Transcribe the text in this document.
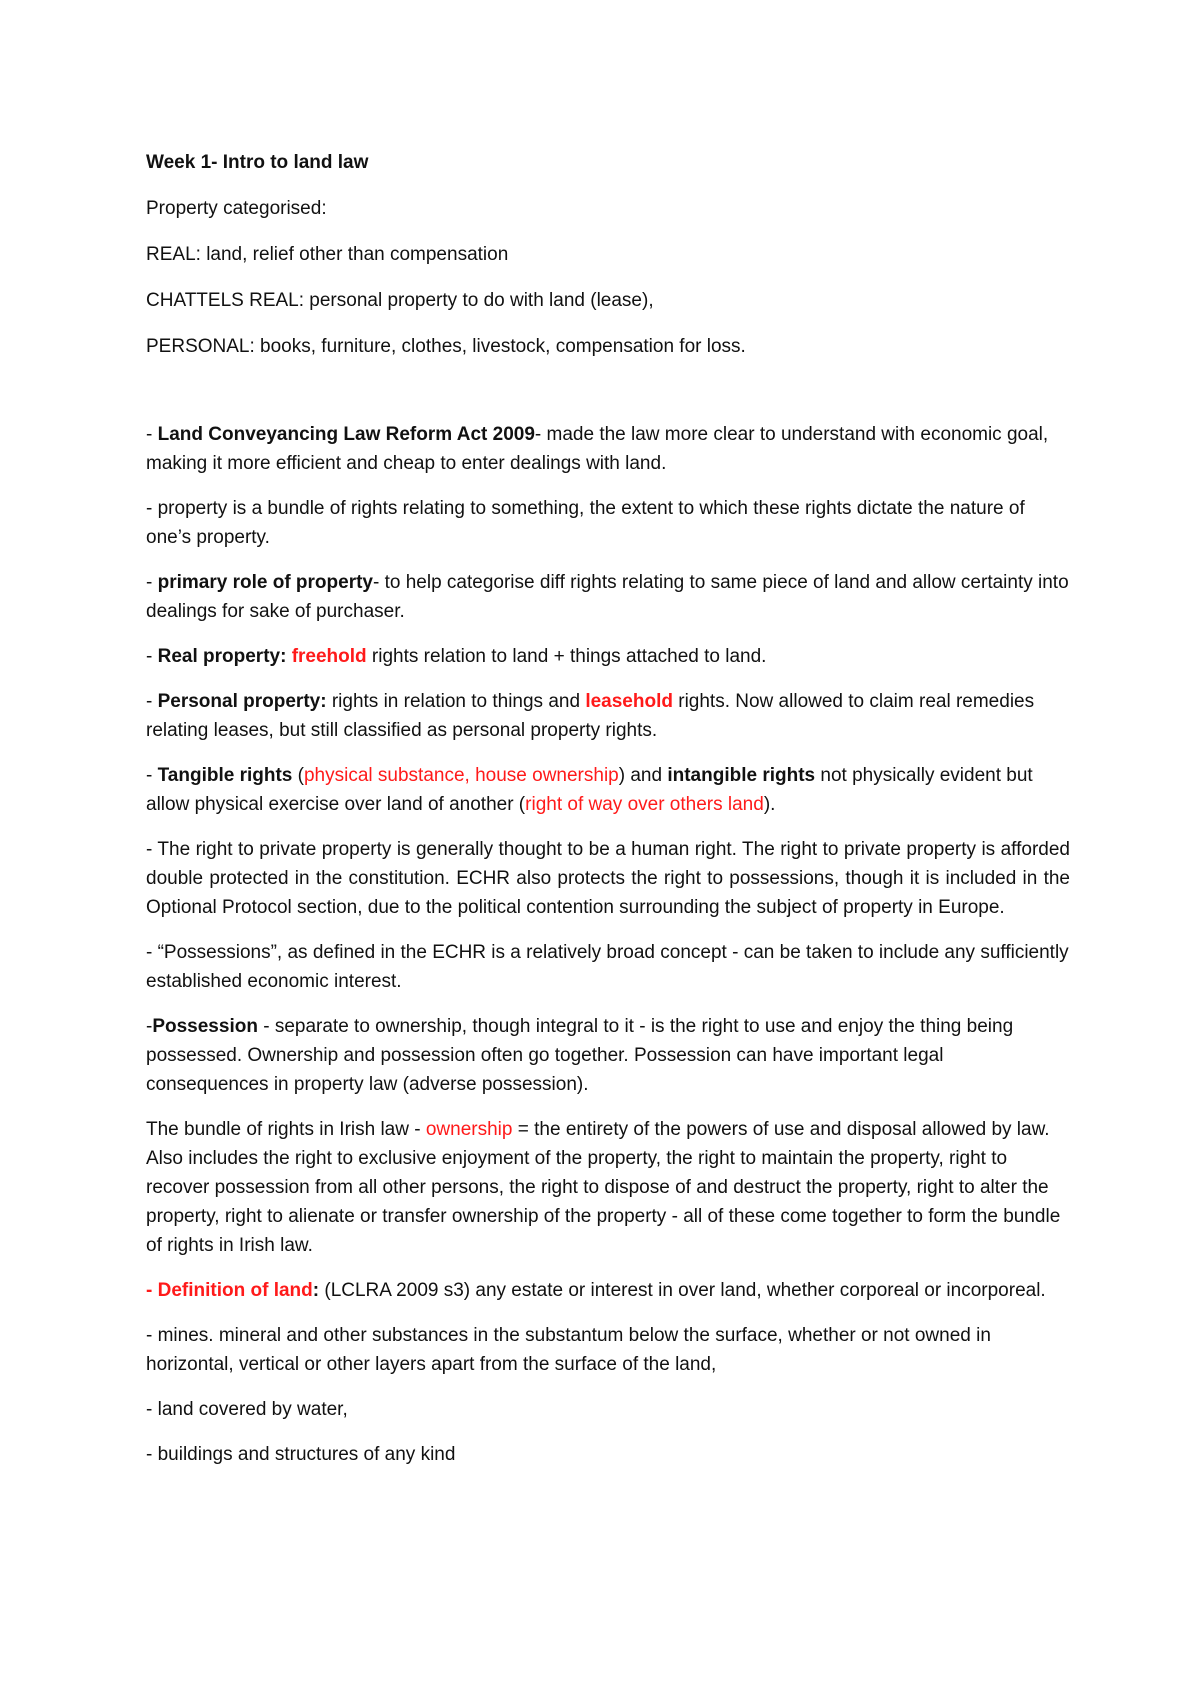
Week 1- Intro to land law

Property categorised:

REAL: land, relief other than compensation

CHATTELS REAL: personal property to do with land (lease),

PERSONAL: books, furniture, clothes, livestock, compensation for loss.

- Land Conveyancing Law Reform Act 2009- made the law more clear to understand with economic goal, making it more efficient and cheap to enter dealings with land.

- property is a bundle of rights relating to something, the extent to which these rights dictate the nature of one’s property.

- primary role of property- to help categorise diff rights relating to same piece of land and allow certainty into dealings for sake of purchaser.

- Real property: freehold rights relation to land + things attached to land.

- Personal property: rights in relation to things and leasehold rights. Now allowed to claim real remedies relating leases, but still classified as personal property rights.

- Tangible rights (physical substance, house ownership) and intangible rights not physically evident but allow physical exercise over land of another (right of way over others land).

- The right to private property is generally thought to be a human right. The right to private property is afforded double protected in the constitution. ECHR also protects the right to possessions, though it is included in the Optional Protocol section, due to the political contention surrounding the subject of property in Europe.

- “Possessions”, as defined in the ECHR is a relatively broad concept - can be taken to include any sufficiently established economic interest.

-Possession - separate to ownership, though integral to it - is the right to use and enjoy the thing being possessed. Ownership and possession often go together. Possession can have important legal consequences in property law (adverse possession).

The bundle of rights in Irish law - ownership = the entirety of the powers of use and disposal allowed by law. Also includes the right to exclusive enjoyment of the property, the right to maintain the property, right to recover possession from all other persons, the right to dispose of and destruct the property, right to alter the property, right to alienate or transfer ownership of the property - all of these come together to form the bundle of rights in Irish law.

- Definition of land: (LCLRA 2009 s3) any estate or interest in over land, whether corporeal or incorporeal.

- mines. mineral and other substances in the substantum below the surface, whether or not owned in horizontal, vertical or other layers apart from the surface of the land,

- land covered by water,

- buildings and structures of any kind
